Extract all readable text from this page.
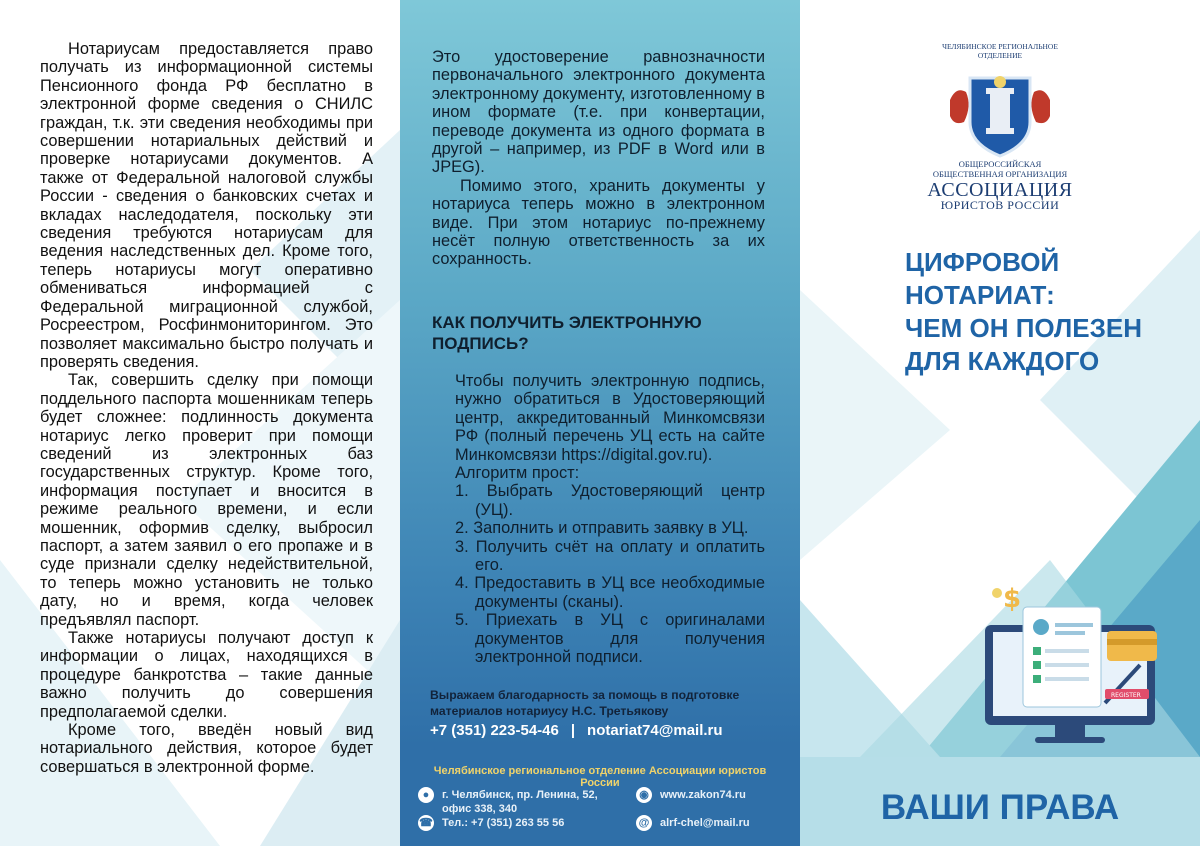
Нотариусам предоставляется право получать из информационной системы Пенсионного фонда РФ бесплатно в электронной форме сведения о СНИЛС граждан, т.к. эти сведения необходимы при совершении нотариальных действий и проверке нотариусами документов. А также от Федеральной налоговой службы России - сведения о банковских счетах и вкладах наследодателя, поскольку эти сведения требуются нотариусам для ведения наследственных дел. Кроме того, теперь нотариусы могут оперативно обмениваться информацией с Федеральной миграционной службой, Росреестром, Росфинмониторингом. Это позволяет максимально быстро получать и проверять сведения.

Так, совершить сделку при помощи поддельного паспорта мошенникам теперь будет сложнее: подлинность документа нотариус легко проверит при помощи сведений из электронных баз государственных структур. Кроме того, информация поступает и вносится в режиме реального времени, и если мошенник, оформив сделку, выбросил паспорт, а затем заявил о его пропаже и в суде признали сделку недействительной, то теперь можно установить не только дату, но и время, когда человек предъявлял паспорт.

Также нотариусы получают доступ к информации о лицах, находящихся в процедуре банкротства – такие данные важно получить до совершения предполагаемой сделки.

Кроме того, введён новый вид нотариального действия, которое будет совершаться в электронной форме.

Это удостоверение равнозначности первоначального электронного документа электронному документу, изготовленному в ином формате (т.е. при конвертации, переводе документа из одного формата в другой – например, из PDF в Word или в JPEG).

Помимо этого, хранить документы у нотариуса теперь можно в электронном виде. При этом нотариус по-прежнему несёт полную ответственность за их сохранность.

КАК ПОЛУЧИТЬ ЭЛЕКТРОННУЮ ПОДПИСЬ?

Чтобы получить электронную подпись, нужно обратиться в Удостоверяющий центр, аккредитованный Минкомсвязи РФ (полный перечень УЦ есть на сайте Минкомсвязи https://digital.gov.ru).

Алгоритм прост:

1. Выбрать Удостоверяющий центр (УЦ).
2. Заполнить и отправить заявку в УЦ.
3. Получить счёт на оплату и оплатить его.
4. Предоставить в УЦ все необходимые документы (сканы).
5. Приехать в УЦ с оригиналами документов для получения электронной подписи.
Выражаем благодарность за помощь в подготовке материалов нотариусу Н.С. Третьякову
+7 (351) 223-54-46 | notariat74@mail.ru
Челябинское региональное отделение Ассоциации юристов России
● г. Челябинск, пр. Ленина, 52,
офис 338, 340
☎ Тел.: +7 (351) 263 55 56
◉ www.zakon74.ru
@ alrf-chel@mail.ru
ЧЕЛЯБИНСКОЕ РЕГИОНАЛЬНОЕ
ОТДЕЛЕНИЕ
ОБЩЕРОССИЙСКАЯ
ОБЩЕСТВЕННАЯ ОРГАНИЗАЦИЯ
АССОЦИАЦИЯ
ЮРИСТОВ РОССИИ
ЦИФРОВОЙ
НОТАРИАТ:
ЧЕМ ОН ПОЛЕЗЕН
ДЛЯ КАЖДОГО
$
REGISTER
ВАШИ ПРАВА
